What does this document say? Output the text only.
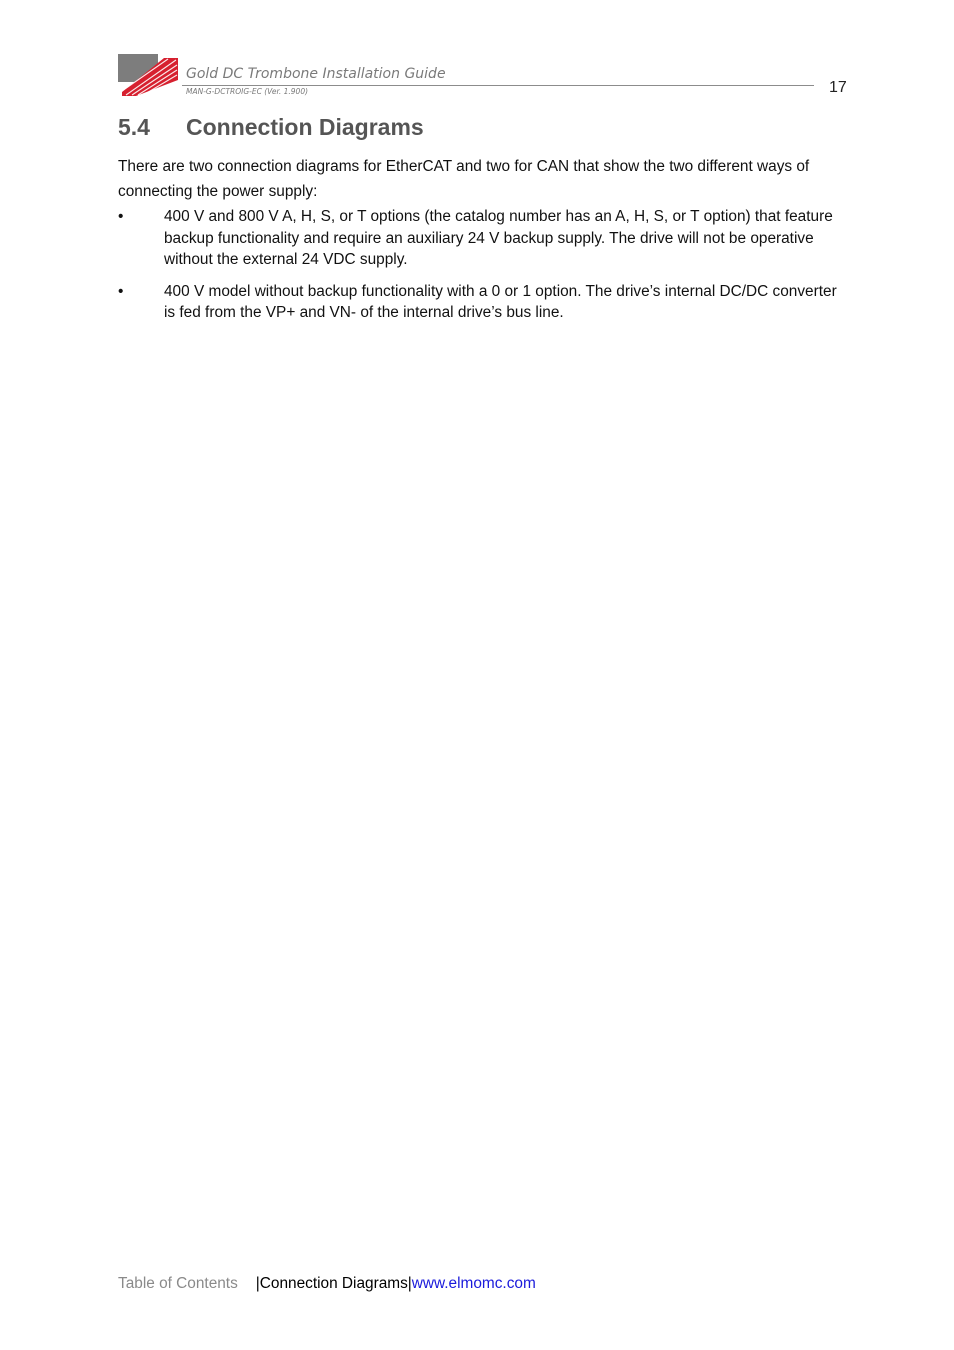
Gold DC Trombone Installation Guide
MAN-G-DCTROIG-EC (Ver. 1.900)	17
5.4 Connection Diagrams

There are two connection diagrams for EtherCAT and two for CAN that show the two different ways of connecting the power supply:

•	400 V and 800 V A, H, S, or T options (the catalog number has an A, H, S, or T option) that feature backup functionality and require an auxiliary 24 V backup supply. The drive will not be operative without the external 24 VDC supply.
•	400 V model without backup functionality with a 0 or 1 option. The drive’s internal DC/DC converter is fed from the VP+ and VN- of the internal drive’s bus line.
Table of Contents |Connection Diagrams|www.elmomc.com
